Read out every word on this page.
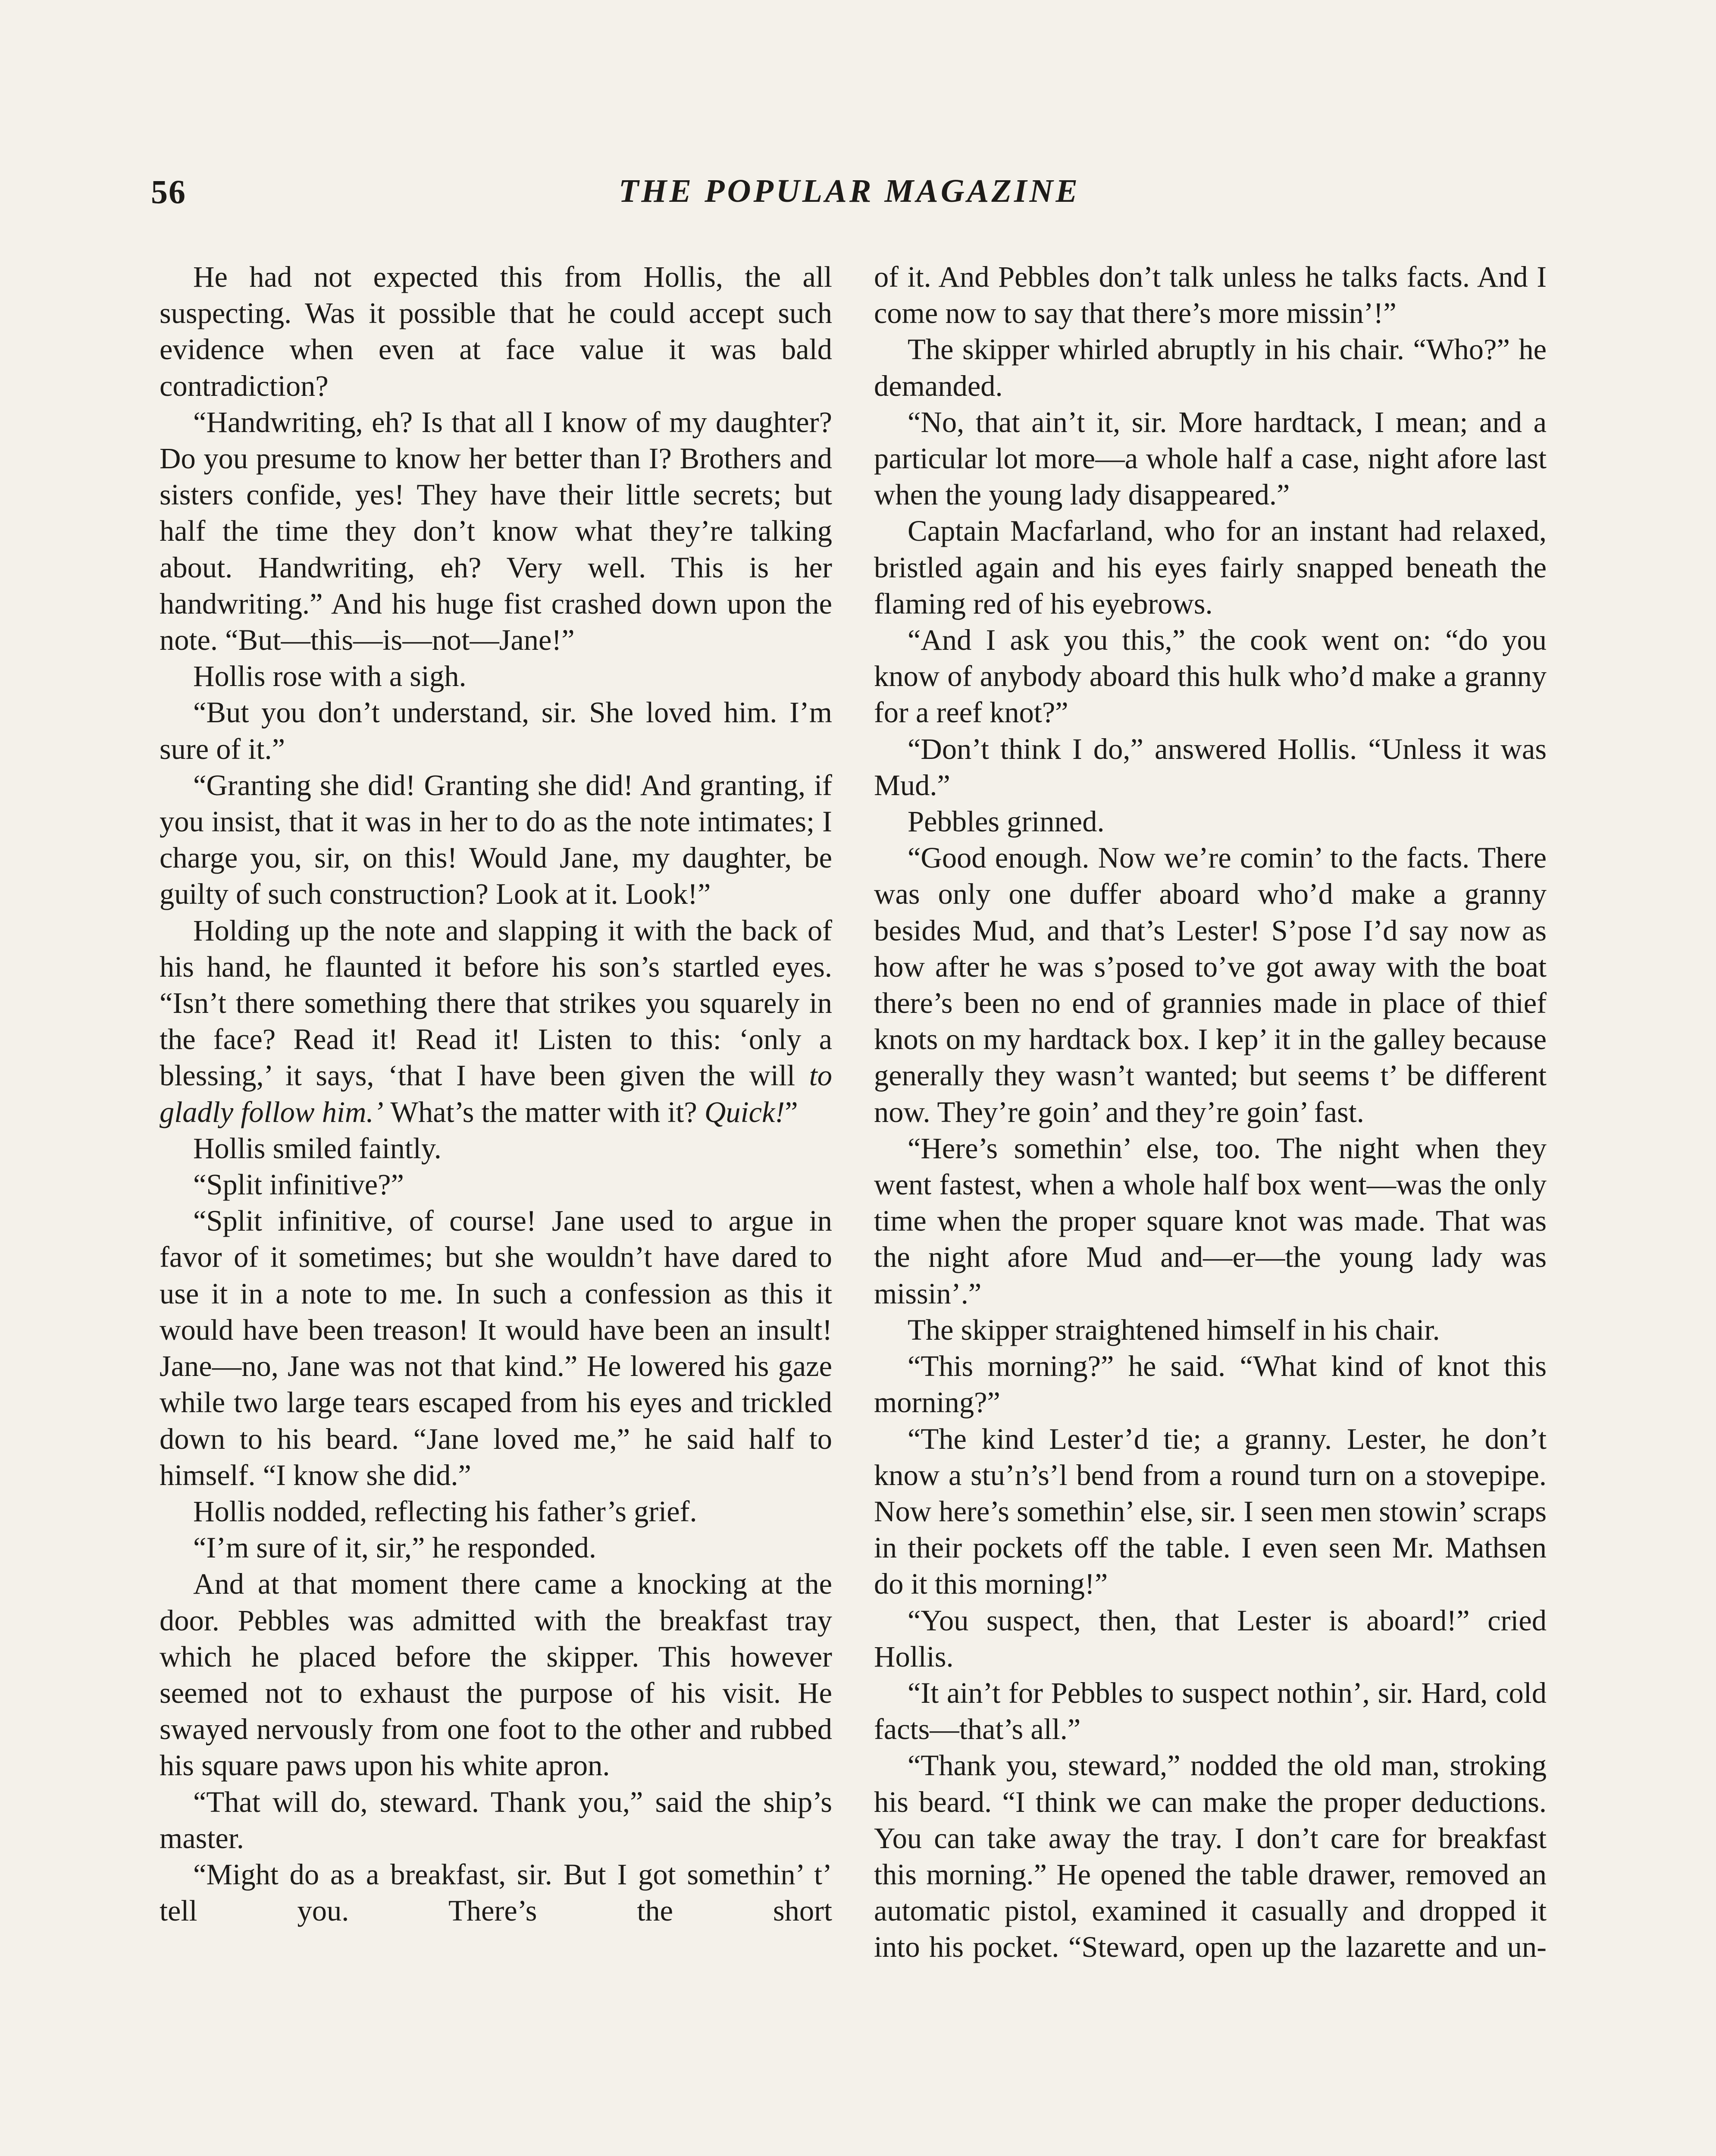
56	THE POPULAR MAGAZINE

He had not expected this from Hollis, the all suspecting. Was it possible that he could accept such evidence when even at face value it was bald contradiction?

“Handwriting, eh? Is that all I know of my daughter? Do you presume to know her better than I? Brothers and sisters confide, yes! They have their little secrets; but half the time they don’t know what they’re talking about. Handwriting, eh? Very well. This is her handwriting.” And his huge fist crashed down upon the note. “But—this—is—not—Jane!”

Hollis rose with a sigh.

“But you don’t understand, sir. She loved him. I’m sure of it.”

“Granting she did! Granting she did! And granting, if you insist, that it was in her to do as the note intimates; I charge you, sir, on this! Would Jane, my daughter, be guilty of such construction? Look at it. Look!”

Holding up the note and slapping it with the back of his hand, he flaunted it before his son’s startled eyes. “Isn’t there something there that strikes you squarely in the face? Read it! Read it! Listen to this: ‘only a blessing,’ it says, ‘that I have been given the will to gladly follow him.’ What’s the matter with it? Quick!”

Hollis smiled faintly.

“Split infinitive?”

“Split infinitive, of course! Jane used to argue in favor of it sometimes; but she wouldn’t have dared to use it in a note to me. In such a confession as this it would have been treason! It would have been an insult! Jane—no, Jane was not that kind.” He lowered his gaze while two large tears escaped from his eyes and trickled down to his beard. “Jane loved me,” he said half to himself. “I know she did.”

Hollis nodded, reflecting his father’s grief.

“I’m sure of it, sir,” he responded.

And at that moment there came a knocking at the door. Pebbles was admitted with the breakfast tray which he placed before the skipper. This however seemed not to exhaust the purpose of his visit. He swayed nervously from one foot to the other and rubbed his square paws upon his white apron.

“That will do, steward. Thank you,” said the ship’s master.

“Might do as a breakfast, sir. But I got somethin’ t’ tell you. There’s the short

of it. And Pebbles don’t talk unless he talks facts. And I come now to say that there’s more missin’!”

The skipper whirled abruptly in his chair. “Who?” he demanded.

“No, that ain’t it, sir. More hardtack, I mean; and a particular lot more—a whole half a case, night afore last when the young lady disappeared.”

Captain Macfarland, who for an instant had relaxed, bristled again and his eyes fairly snapped beneath the flaming red of his eyebrows.

“And I ask you this,” the cook went on: “do you know of anybody aboard this hulk who’d make a granny for a reef knot?”

“Don’t think I do,” answered Hollis. “Unless it was Mud.”

Pebbles grinned.

“Good enough. Now we’re comin’ to the facts. There was only one duffer aboard who’d make a granny besides Mud, and that’s Lester! S’pose I’d say now as how after he was s’posed to’ve got away with the boat there’s been no end of grannies made in place of thief knots on my hardtack box. I kep’ it in the galley because generally they wasn’t wanted; but seems t’ be different now. They’re goin’ and they’re goin’ fast.

“Here’s somethin’ else, too. The night when they went fastest, when a whole half box went—was the only time when the proper square knot was made. That was the night afore Mud and—er—the young lady was missin’.”

The skipper straightened himself in his chair.

“This morning?” he said. “What kind of knot this morning?”

“The kind Lester’d tie; a granny. Lester, he don’t know a stu’n’s’l bend from a round turn on a stovepipe. Now here’s somethin’ else, sir. I seen men stowin’ scraps in their pockets off the table. I even seen Mr. Mathsen do it this morning!”

“You suspect, then, that Lester is aboard!” cried Hollis.

“It ain’t for Pebbles to suspect nothin’, sir. Hard, cold facts—that’s all.”

“Thank you, steward,” nodded the old man, stroking his beard. “I think we can make the proper deductions. You can take away the tray. I don’t care for breakfast this morning.” He opened the table drawer, removed an automatic pistol, examined it casually and dropped it into his pocket. “Steward, open up the lazarette and un-
